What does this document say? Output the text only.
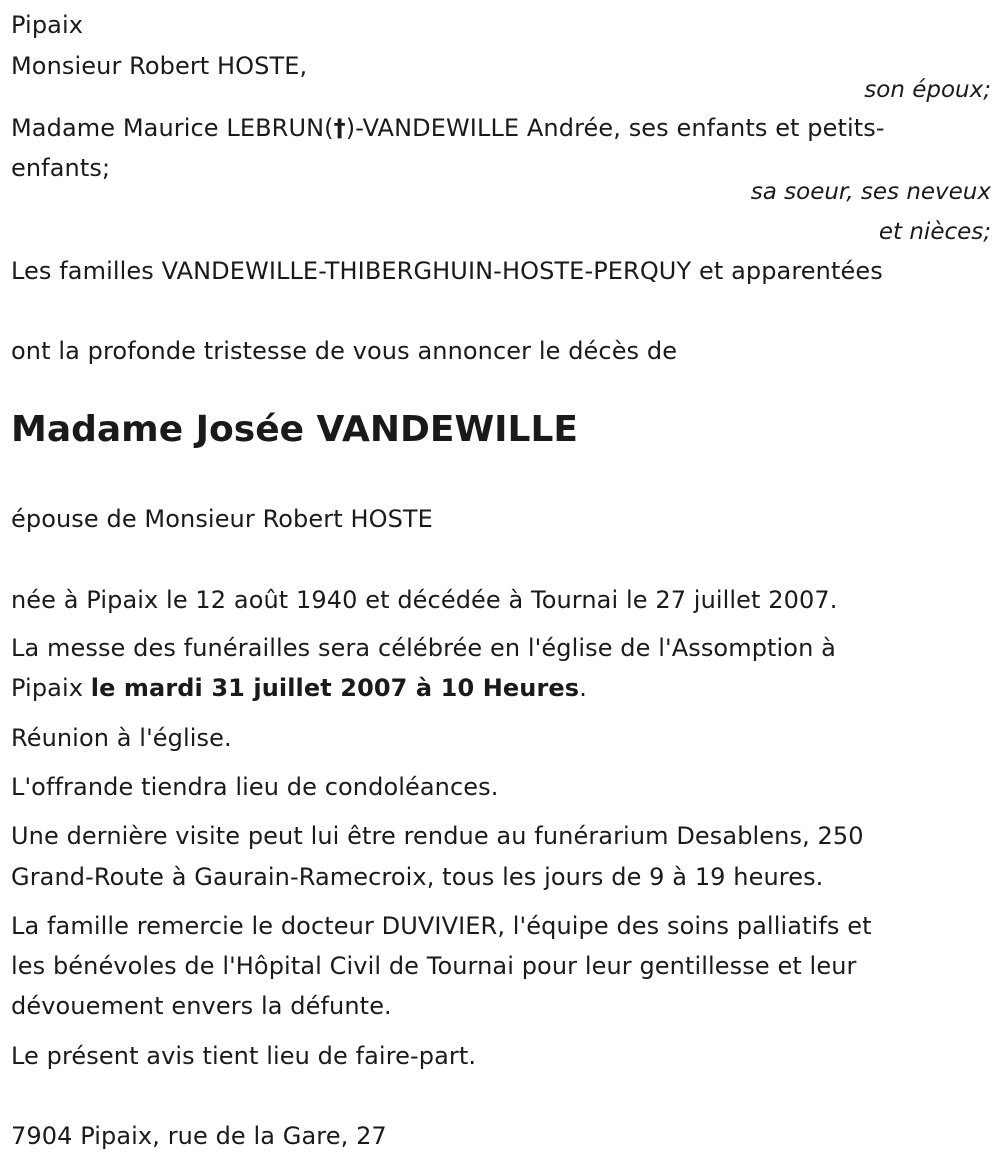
Pipaix
Monsieur Robert HOSTE,
son époux;
Madame Maurice LEBRUN(†)-VANDEWILLE Andrée, ses enfants et petits-
enfants;
sa soeur, ses neveux
et nièces;
Les familles VANDEWILLE-THIBERGHUIN-HOSTE-PERQUY et apparentées
ont la profonde tristesse de vous annoncer le décès de
Madame Josée VANDEWILLE
épouse de Monsieur Robert HOSTE
née à Pipaix le 12 août 1940 et décédée à Tournai le 27 juillet 2007.
La messe des funérailles sera célébrée en l'église de l'Assomption à
Pipaix le mardi 31 juillet 2007 à 10 Heures.
Réunion à l'église.
L'offrande tiendra lieu de condoléances.
Une dernière visite peut lui être rendue au funérarium Desablens, 250
Grand-Route à Gaurain-Ramecroix, tous les jours de 9 à 19 heures.
La famille remercie le docteur DUVIVIER, l'équipe des soins palliatifs et
les bénévoles de l'Hôpital Civil de Tournai pour leur gentillesse et leur
dévouement envers la défunte.
Le présent avis tient lieu de faire-part.
7904 Pipaix, rue de la Gare, 27
